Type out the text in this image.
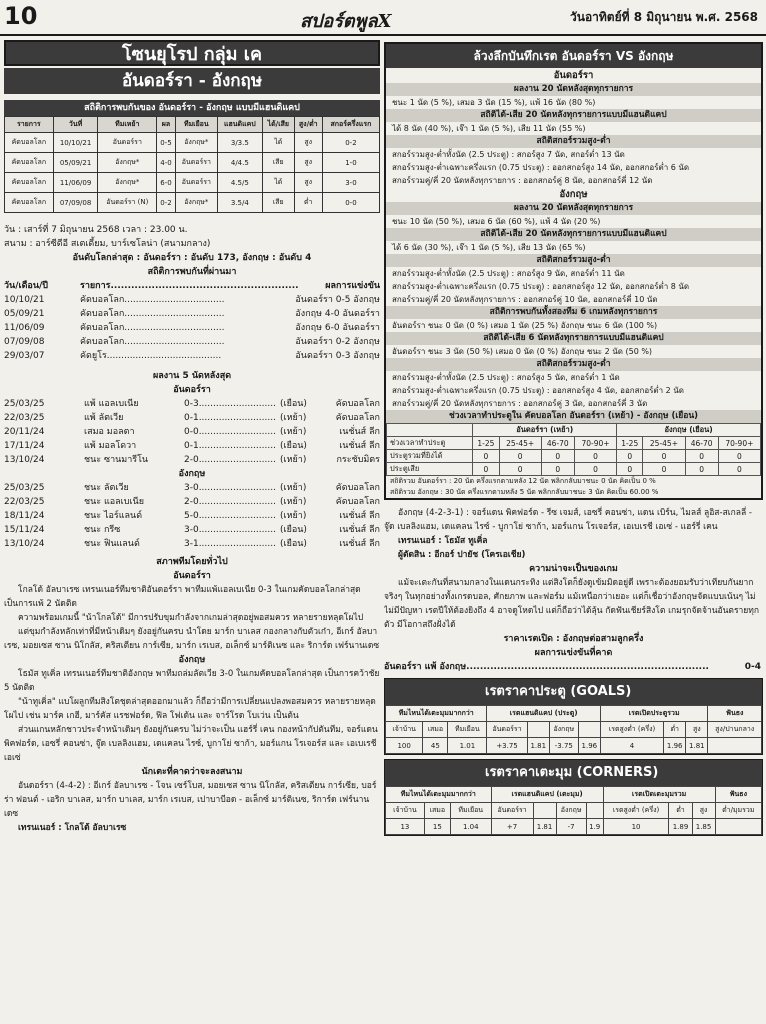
10	สปอร์ตพูลX	วันอาทิตย์ที่ 8 มิถุนายน พ.ศ. 2568
โซนยุโรป กลุ่ม เค
อันดอร์รา - อังกฤษ
สถิติการพบกันของ อันดอร์รา - อังกฤษ แบบมีแฮนดิแคป
รายการ	วันที่	ทีมเหย้า	ผล	ทีมเยือน	แฮนดิแคป	ได้/เสีย	สูง/ต่ำ	สกอร์ครึ่งแรก
คัดบอลโลก	10/10/21	อันดอร์รา	0-5	อังกฤษ*	3/3.5	ได้	สูง	0-2
คัดบอลโลก	05/09/21	อังกฤษ*	4-0	อันดอร์รา	4/4.5	เสีย	สูง	1-0
คัดบอลโลก	11/06/09	อังกฤษ*	6-0	อันดอร์รา	4.5/5	ได้	สูง	3-0
คัดบอลโลก	07/09/08	อันดอร์รา (N)	0-2	อังกฤษ*	3.5/4	เสีย	ต่ำ	0-0
วัน : เสาร์ที่ 7 มิถุนายน 2568 เวลา : 23.00 น.
สนาม : อาร์ซีดีอี สเตเดี้ยม, บาร์เซโลน่า (สนามกลาง)
อันดับโลกล่าสุด : อันดอร์รา : อันดับ 173, อังกฤษ : อันดับ 4
สถิติการพบกันที่ผ่านมา
วัน/เดือน/ปี	รายการ.......................................................	ผลการแข่งขัน
10/10/21	คัดบอลโลก...................................	อันดอร์รา 0-5 อังกฤษ
05/09/21	คัดบอลโลก...................................	อังกฤษ 4-0 อันดอร์รา
11/06/09	คัดบอลโลก...................................	อังกฤษ 6-0 อันดอร์รา
07/09/08	คัดบอลโลก...................................	อันดอร์รา 0-2 อังกฤษ
29/03/07	คัดยูโร........................................	อันดอร์รา 0-3 อังกฤษ
ผลงาน 5 นัดหลังสุด
อันดอร์รา
25/03/25	แพ้ แอลเบเนีย	0-3........................... (เยือน)	คัดบอลโลก
22/03/25	แพ้ ลัตเวีย	0-1........................... (เหย้า)	คัดบอลโลก
20/11/24	เสมอ มอลตา	0-0........................... (เหย้า)	เนชั่นส์ ลีก
17/11/24	แพ้ มอลโดวา	0-1........................... (เยือน)	เนชั่นส์ ลีก
13/10/24	ชนะ ซานมารีโน	2-0........................... (เหย้า)	กระชับมิตร
อังกฤษ
25/03/25	ชนะ ลัตเวีย	3-0........................... (เหย้า)	คัดบอลโลก
22/03/25	ชนะ แอลเบเนีย	2-0........................... (เหย้า)	คัดบอลโลก
18/11/24	ชนะ ไอร์แลนด์	5-0........................... (เหย้า)	เนชั่นส์ ลีก
15/11/24	ชนะ กรีซ	3-0........................... (เยือน)	เนชั่นส์ ลีก
13/10/24	ชนะ ฟินแลนด์	3-1........................... (เยือน)	เนชั่นส์ ลีก
สภาพทีมโดยทั่วไป
อันดอร์รา
โกลโด้ อัลบาเรซ เทรนเนอร์ทีมชาติอันดอร์รา พาทีมแพ้แอลเบเนีย 0-3 ในเกมคัดบอลโลกล่าสุด เป็นการแพ้ 2 นัดติด
ความพร้อมเกมนี้ "น้าโกลโด้" มีการปรับขุมกำลังจากเกมล่าสุดอยู่พอสมควร หลายรายหลุดโผไป
แต่ขุมกำลังหลักเท่าที่มีหน้าเดิมๆ ยังอยู่กันครบ นำโดย มาร์ก บาเลส กองกลางกับตัวเก๋า, อีเกร์ อัลบาเรซ, มอยเซส ซาน นิโกลัส, คริสเตียน การ์เซีย, มาร์ก เรเบส, อเล็กซ์ มาร์ติเนซ และ ริการ์ด เฟร์นานเดซ
อังกฤษ
โธมัส ทูเคิ่ล เทรนเนอร์ทีมชาติอังกฤษ พาทีมถล่มลัตเวีย 3-0 ในเกมคัดบอลโลกล่าสุด เป็นการคว้าชัย 5 นัดติด
"น้าทูเคิ่ล" แบโผลูกทีมสิงโตชุดล่าสุดออกมาแล้ว ก็ถือว่ามีการเปลี่ยนแปลงพอสมควร หลายรายหลุดโผไป เช่น มาร์ค เกฮี, มาร์คัส แรชฟอร์ด, ฟิล โฟเด้น และ จาร์โรด โบเว่น เป็นต้น
ส่วนแกนหลักชาวประจำหน้าเดิมๆ ยังอยู่กันครบ ไม่ว่าจะเป็น แฮร์รี่ เคน กองหน้ากัปตันทีม, จอร์แดน พิคฟอร์ด, เอซรี่ คอนซ่า, จู๊ด เบลลิงแฮม, เดแคลน ไรซ์, บูกาโย่ ซาก้า, มอร์แกน โรเจอร์ส และ เอเบเรชี เอเซ่
นักเตะที่คาดว่าจะลงสนาม
อันดอร์รา (4-4-2) : อีเกร์ อัลบาเรซ - โจน เซร์โบส, มอยเซส ซาน นิโกลัส, คริสเตียน การ์เซีย, บอร์ร่า ฟอนต์ - เอริก บาเลส, มาร์ก บาเลส, มาร์ก เรเบส, เปาบาบีอด - อเล็กซ์ มาร์ติเนซ, ริการ์ด เฟร์นานเดซ
เทรนเนอร์ : โกลโด้ อัลบาเรซ
ล้วงลึกบันทึกเรต อันดอร์รา VS อังกฤษ
อันดอร์รา
ผลงาน 20 นัดหลังสุดทุกรายการ
ชนะ 1 นัด (5 %), เสมอ 3 นัด (15 %), แพ้ 16 นัด (80 %)
สถิติได้-เสีย 20 นัดหลังทุกรายการแบบมีแฮนดิแคป
ได้ 8 นัด (40 %), เจ๊า 1 นัด (5 %), เสีย 11 นัด (55 %)
สถิติสกอร์รวมสูง-ต่ำ
สกอร์รวมสูง-ต่ำทั้งนัด (2.5 ประตู) : สกอร์สูง 7 นัด, สกอร์ต่ำ 13 นัด
สกอร์รวมสูง-ต่ำเฉพาะครึ่งแรก (0.75 ประตู) : ออกสกอร์สูง 14 นัด, ออกสกอร์ต่ำ 6 นัด
สกอร์รวมคู่/คี่ 20 นัดหลังทุกรายการ : ออกสกอร์คู่ 8 นัด, ออกสกอร์คี่ 12 นัด
อังกฤษ
ผลงาน 20 นัดหลังสุดทุกรายการ
ชนะ 10 นัด (50 %), เสมอ 6 นัด (60 %), แพ้ 4 นัด (20 %)
สถิติได้-เสีย 20 นัดหลังทุกรายการแบบมีแฮนดิแคป
ได้ 6 นัด (30 %), เจ๊า 1 นัด (5 %), เสีย 13 นัด (65 %)
สถิติสกอร์รวมสูง-ต่ำ
สกอร์รวมสูง-ต่ำทั้งนัด (2.5 ประตู) : สกอร์สูง 9 นัด, สกอร์ต่ำ 11 นัด
สกอร์รวมสูง-ต่ำเฉพาะครึ่งแรก (0.75 ประตู) : ออกสกอร์สูง 12 นัด, ออกสกอร์ต่ำ 8 นัด
สกอร์รวมคู่/คี่ 20 นัดหลังทุกรายการ : ออกสกอร์คู่ 10 นัด, ออกสกอร์คี่ 10 นัด
สถิติการพบกันทั้งสองทีม 6 เกมหลังทุกรายการ
อันดอร์รา ชนะ 0 นัด (0 %) เสมอ 1 นัด (25 %) อังกฤษ ชนะ 6 นัด (100 %)
สถิติได้-เสีย 6 นัดหลังทุกรายการแบบมีแฮนดิแคป
อันดอร์รา ชนะ 3 นัด (50 %) เสมอ 0 นัด (0 %) อังกฤษ ชนะ 2 นัด (50 %)
สถิติสกอร์รวมสูง-ต่ำ
สกอร์รวมสูง-ต่ำทั้งนัด (2.5 ประตู) : สกอร์สูง 5 นัด, สกอร์ต่ำ 1 นัด
สกอร์รวมสูง-ต่ำเฉพาะครึ่งแรก (0.75 ประตู) : ออกสกอร์สูง 4 นัด, ออกสกอร์ต่ำ 2 นัด
สกอร์รวมคู่/คี่ 20 นัดหลังทุกรายการ : ออกสกอร์คู่ 3 นัด, ออกสกอร์คี่ 3 นัด
ช่วงเวลาทำประตูใน คัดบอลโลก อันดอร์รา (เหย้า) - อังกฤษ (เยือน)
	อันดอร์รา (เหย้า)				อังกฤษ (เยือน)			
ช่วงเวลาทำประตู	1-25	25-45+	46-70	70-90+	1-25	25-45+	46-70	70-90+
ประตูรวมที่ยิงได้	0	0	0	0	0	0	0	0
ประตูเสีย	0	0	0	0	0	0	0	0
สถิติรวม อันดอร์รา : 20 นัด ครึ่งแรกตามหลัง 12 นัด พลิกกลับมาชนะ 0 นัด คิดเป็น 0 %
สถิติรวม อังกฤษ : 30 นัด ครึ่งแรกตามหลัง 5 นัด พลิกกลับมาชนะ 3 นัด คิดเป็น 60.00 %
อังกฤษ (4-2-3-1) : จอร์แดน พิคฟอร์ด - รีซ เจมส์, เอซรี่ คอนซ่า, แดน เบิร์น, ไมลส์ ลูอิส-สเกลลี่ - จู๊ด เบลลิงแฮม, เดแคลน ไรซ์ - บูกาโย่ ซาก้า, มอร์แกน โรเจอร์ส, เอเบเรชี เอเซ่ - แฮร์รี่ เคน
เทรนเนอร์ : โธมัส ทูเคิ่ล
ผู้ตัดสิน : อีกอร์ ปายัช (โครเอเชีย)
ความน่าจะเป็นของเกม
แม้จะเตะกันที่สนามกลางในแดนกระทิง แต่สิงโตก็ยังดูเข้มมิดอยู่ดี เพราะต้องยอมรับว่าเทียบกันยากจริงๆ ในทุกอย่างทั้งเกรดบอล, ศักยภาพ และฟอร์ม แม้เหนือกว่าเยอะ แต่ก็เชื่อว่าอังกฤษจัดแบบเน้นๆ ไม่ ไม่มีปัญหา เรตปีให้ต้องยิงถึง 4 อาจดูโหดไป แต่ก็ถือว่าได้ลุ้น กัดฟันเชียร์สิงโต เกมรุกจัดจ้านอันตรายทุกตัว มีโอกาสถึงฝั่งได้
ราคาเรตเปิด : อังกฤษต่อสามลูกครึ่ง
ผลการแข่งขันที่คาด
อันดอร์รา แพ้ อังกฤษ.......................................................................	0-4
เรตราคาประตู (GOALS)
ทีมไหนได้เตะมุมมากกว่า			เรตแฮนดิแคป (ประตู)				เรตเปิดประตูรวม			ฟันธง
เจ้าบ้าน	เสมอ	ทีมเยือน	อันดอร์รา		อังกฤษ		เรตสูงต่ำ (ครึ่ง)	ต่ำ	สูง	สูง/ปานกลาง
100	45	1.01	+3.75	1.81	-3.75	1.96	4	1.96	1.81	
เรตราคาเตะมุม (CORNERS)
ทีมไหนได้เตะมุมมากกว่า			เรตแฮนดิแคป (เตะมุม)				เรตเปิดเตะมุมรวม			ฟันธง
เจ้าบ้าน	เสมอ	ทีมเยือน	อันดอร์รา		อังกฤษ		เรตสูงต่ำ (ครึ่ง)	ต่ำ	สูง	ต่ำ/มุมรวม
13	15	1.04	+7	1.81	-7	1.9	10	1.89	1.85	
